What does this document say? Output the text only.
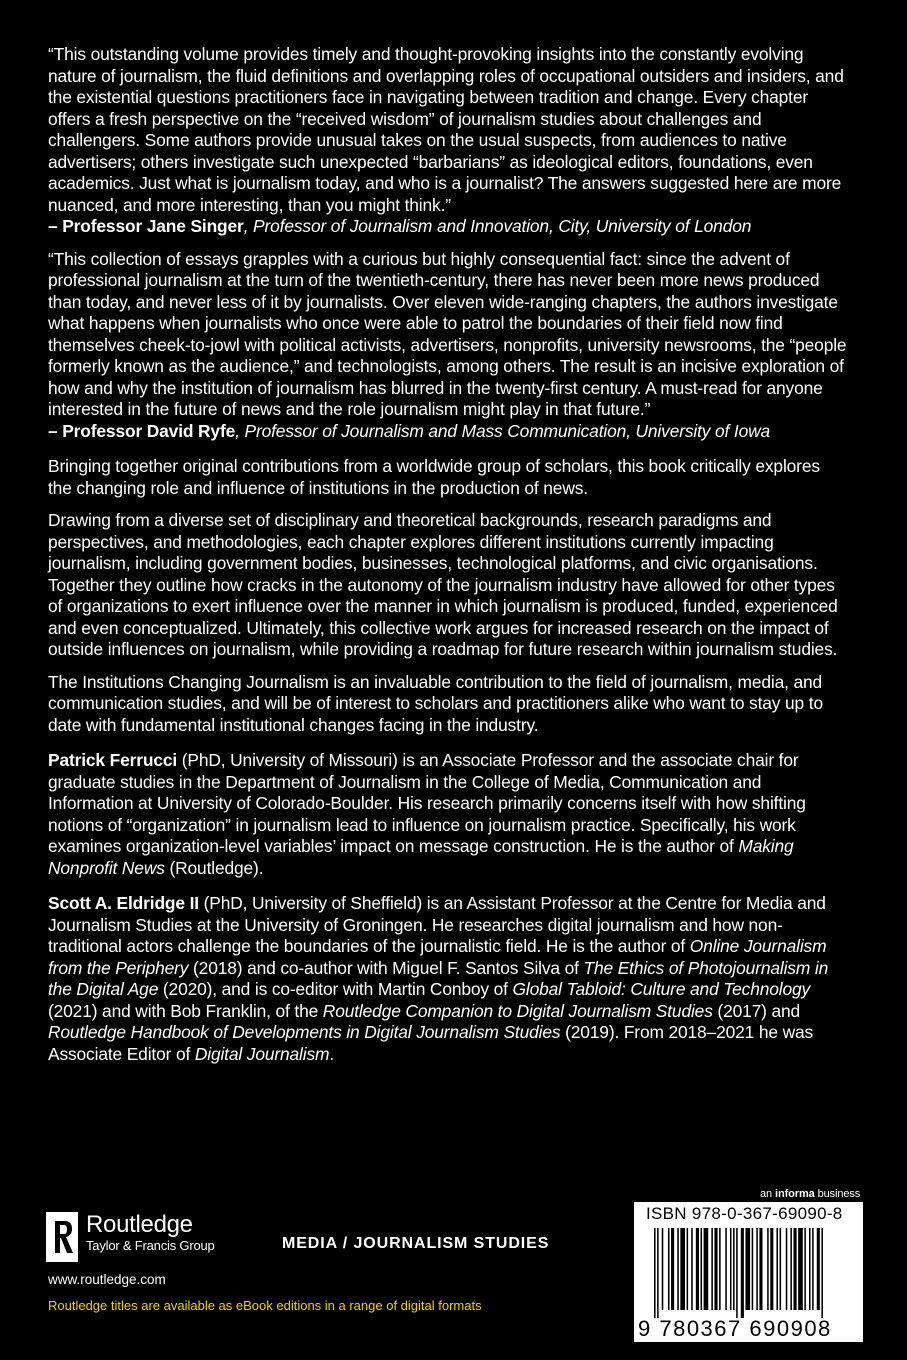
“This outstanding volume provides timely and thought-provoking insights into the constantly evolving nature of journalism, the fluid definitions and overlapping roles of occupational outsiders and insiders, and the existential questions practitioners face in navigating between tradition and change. Every chapter offers a fresh perspective on the “received wisdom” of journalism studies about challenges and challengers. Some authors provide unusual takes on the usual suspects, from audiences to native advertisers; others investigate such unexpected “barbarians” as ideological editors, foundations, even academics. Just what is journalism today, and who is a journalist? The answers suggested here are more nuanced, and more interesting, than you might think.”
– Professor Jane Singer, Professor of Journalism and Innovation, City, University of London

“This collection of essays grapples with a curious but highly consequential fact: since the advent of professional journalism at the turn of the twentieth-century, there has never been more news produced than today, and never less of it by journalists. Over eleven wide-ranging chapters, the authors investigate what happens when journalists who once were able to patrol the boundaries of their field now find themselves cheek-to-jowl with political activists, advertisers, nonprofits, university newsrooms, the “people formerly known as the audience,” and technologists, among others. The result is an incisive exploration of how and why the institution of journalism has blurred in the twenty-first century. A must-read for anyone interested in the future of news and the role journalism might play in that future.”
– Professor David Ryfe, Professor of Journalism and Mass Communication, University of Iowa

Bringing together original contributions from a worldwide group of scholars, this book critically explores the changing role and influence of institutions in the production of news.

Drawing from a diverse set of disciplinary and theoretical backgrounds, research paradigms and perspectives, and methodologies, each chapter explores different institutions currently impacting journalism, including government bodies, businesses, technological platforms, and civic organisations. Together they outline how cracks in the autonomy of the journalism industry have allowed for other types of organizations to exert influence over the manner in which journalism is produced, funded, experienced and even conceptualized. Ultimately, this collective work argues for increased research on the impact of outside influences on journalism, while providing a roadmap for future research within journalism studies.

The Institutions Changing Journalism is an invaluable contribution to the field of journalism, media, and communication studies, and will be of interest to scholars and practitioners alike who want to stay up to date with fundamental institutional changes facing in the industry.

Patrick Ferrucci (PhD, University of Missouri) is an Associate Professor and the associate chair for graduate studies in the Department of Journalism in the College of Media, Communication and Information at University of Colorado-Boulder. His research primarily concerns itself with how shifting notions of “organization” in journalism lead to influence on journalism practice. Specifically, his work examines organization-level variables’ impact on message construction. He is the author of Making Nonprofit News (Routledge).

Scott A. Eldridge II (PhD, University of Sheffield) is an Assistant Professor at the Centre for Media and Journalism Studies at the University of Groningen. He researches digital journalism and how non-traditional actors challenge the boundaries of the journalistic field. He is the author of Online Journalism from the Periphery (2018) and co-author with Miguel F. Santos Silva of The Ethics of Photojournalism in the Digital Age (2020), and is co-editor with Martin Conboy of Global Tabloid: Culture and Technology (2021) and with Bob Franklin, of the Routledge Companion to Digital Journalism Studies (2017) and Routledge Handbook of Developments in Digital Journalism Studies (2019). From 2018–2021 he was Associate Editor of Digital Journalism.

an informa business
Routledge
Taylor & Francis Group	MEDIA / JOURNALISM STUDIES
www.routledge.com
Routledge titles are available as eBook editions in a range of digital formats
ISBN 978-0-367-69090-8
9 780367 690908
